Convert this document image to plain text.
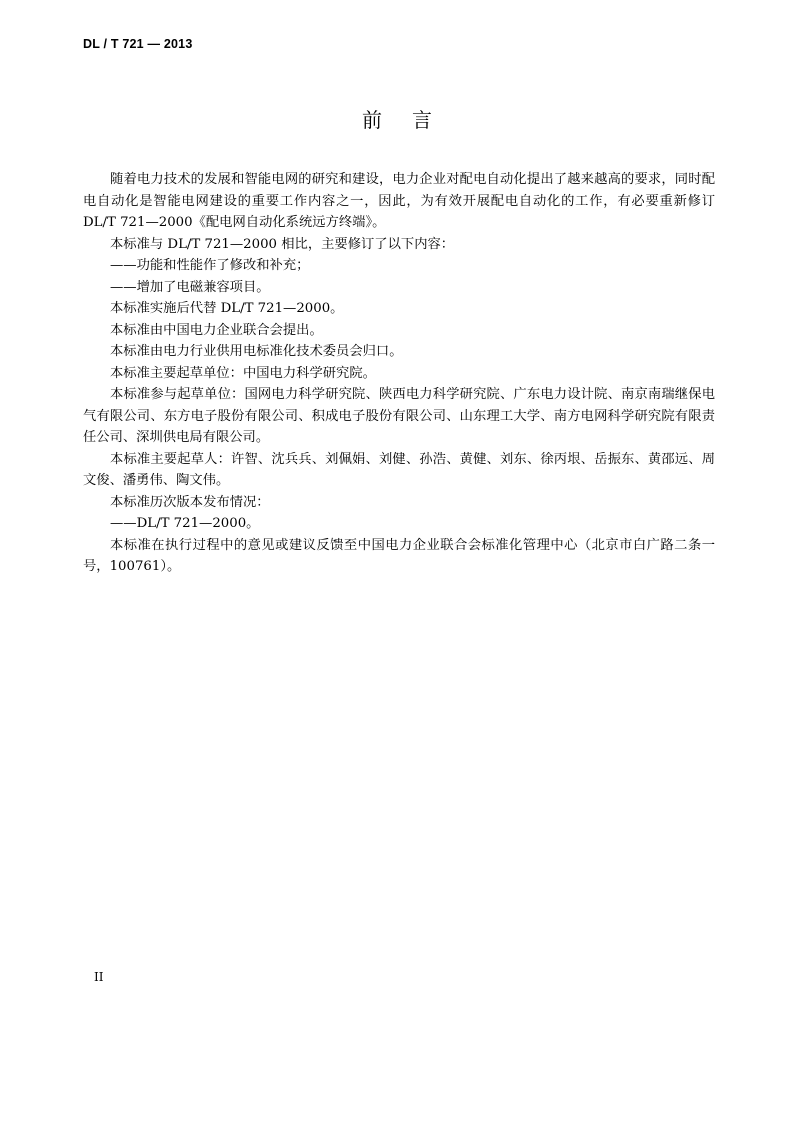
DL / T 721 — 2013
前言

随着电力技术的发展和智能电网的研究和建设，电力企业对配电自动化提出了越来越高的要求，同时配电自动化是智能电网建设的重要工作内容之一，因此，为有效开展配电自动化的工作，有必要重新修订 DL/T 721—2000《配电网自动化系统远方终端》。

本标准与 DL/T 721—2000 相比，主要修订了以下内容：

——功能和性能作了修改和补充；

——增加了电磁兼容项目。

本标准实施后代替 DL/T 721—2000。

本标准由中国电力企业联合会提出。

本标准由电力行业供用电标准化技术委员会归口。

本标准主要起草单位：中国电力科学研究院。

本标准参与起草单位：国网电力科学研究院、陕西电力科学研究院、广东电力设计院、南京南瑞继保电气有限公司、东方电子股份有限公司、积成电子股份有限公司、山东理工大学、南方电网科学研究院有限责任公司、深圳供电局有限公司。

本标准主要起草人：许智、沈兵兵、刘佩娟、刘健、孙浩、黄健、刘东、徐丙垠、岳振东、黄邵远、周文俊、潘勇伟、陶文伟。

本标准历次版本发布情况：

——DL/T 721—2000。

本标准在执行过程中的意见或建议反馈至中国电力企业联合会标准化管理中心（北京市白广路二条一号，100761）。

II
